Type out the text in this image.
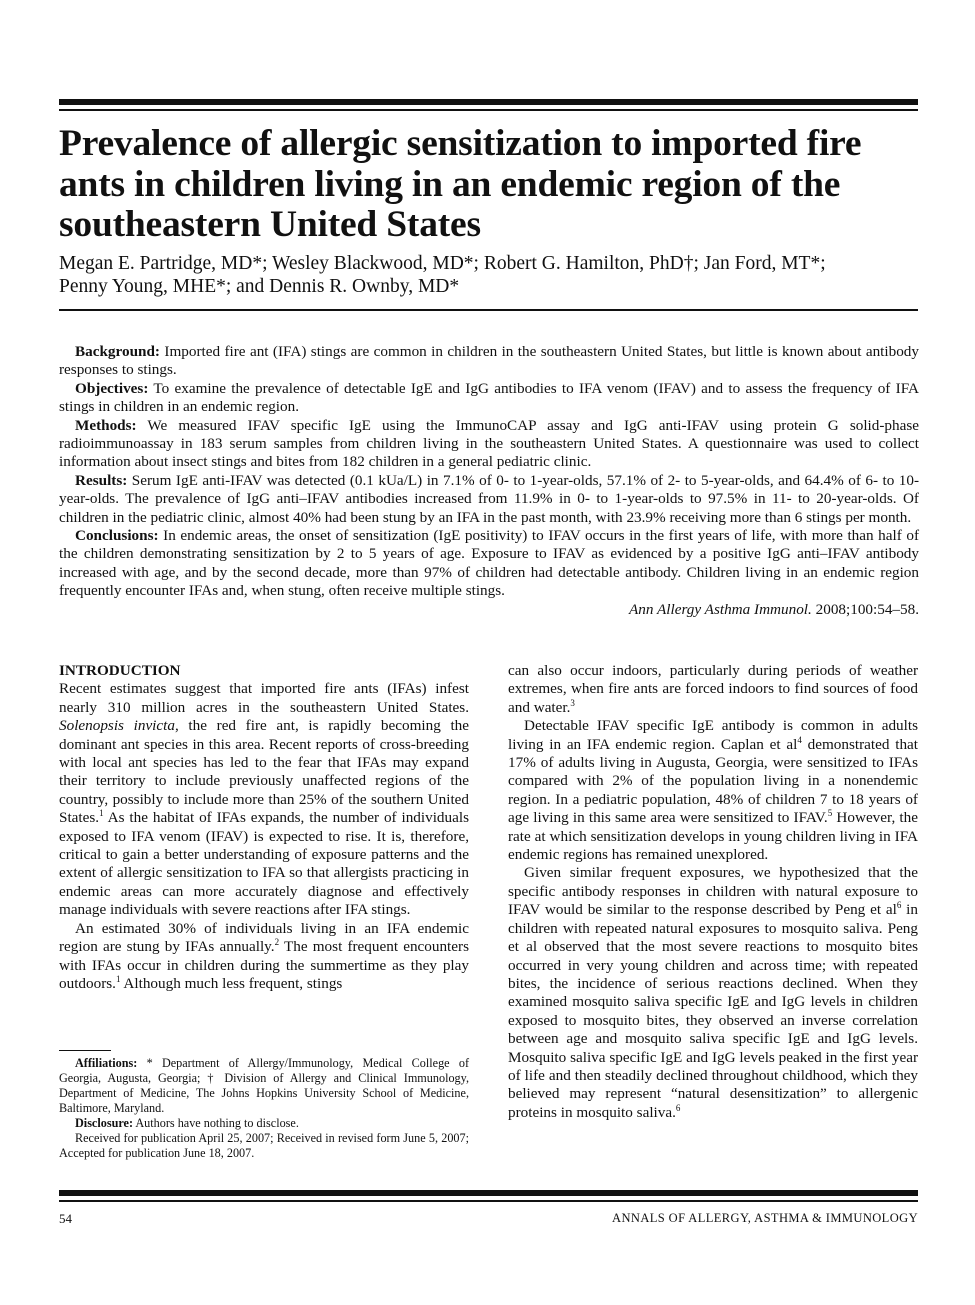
Prevalence of allergic sensitization to imported fire ants in children living in an endemic region of the southeastern United States
Megan E. Partridge, MD*; Wesley Blackwood, MD*; Robert G. Hamilton, PhD†; Jan Ford, MT*;
Penny Young, MHE*; and Dennis R. Ownby, MD*

Background: Imported fire ant (IFA) stings are common in children in the southeastern United States, but little is known about antibody responses to stings.

Objectives: To examine the prevalence of detectable IgE and IgG antibodies to IFA venom (IFAV) and to assess the frequency of IFA stings in children in an endemic region.

Methods: We measured IFAV specific IgE using the ImmunoCAP assay and IgG anti-IFAV using protein G solid-phase radioimmunoassay in 183 serum samples from children living in the southeastern United States. A questionnaire was used to collect information about insect stings and bites from 182 children in a general pediatric clinic.

Results: Serum IgE anti-IFAV was detected (0.1 kUa/L) in 7.1% of 0- to 1-year-olds, 57.1% of 2- to 5-year-olds, and 64.4% of 6- to 10-year-olds. The prevalence of IgG anti–IFAV antibodies increased from 11.9% in 0- to 1-year-olds to 97.5% in 11- to 20-year-olds. Of children in the pediatric clinic, almost 40% had been stung by an IFA in the past month, with 23.9% receiving more than 6 stings per month.

Conclusions: In endemic areas, the onset of sensitization (IgE positivity) to IFAV occurs in the first years of life, with more than half of the children demonstrating sensitization by 2 to 5 years of age. Exposure to IFAV as evidenced by a positive IgG anti–IFAV antibody increased with age, and by the second decade, more than 97% of children had detectable antibody. Children living in an endemic region frequently encounter IFAs and, when stung, often receive multiple stings.

Ann Allergy Asthma Immunol. 2008;100:54–58.
INTRODUCTION

Recent estimates suggest that imported fire ants (IFAs) infest nearly 310 million acres in the southeastern United States. Solenopsis invicta, the red fire ant, is rapidly becoming the dominant ant species in this area. Recent reports of cross-breeding with local ant species has led to the fear that IFAs may expand their territory to include previously unaffected regions of the country, possibly to include more than 25% of the southern United States.$^1$ As the habitat of IFAs expands, the number of individuals exposed to IFA venom (IFAV) is expected to rise. It is, therefore, critical to gain a better understanding of exposure patterns and the extent of allergic sensitization to IFA so that allergists practicing in endemic areas can more accurately diagnose and effectively manage individuals with severe reactions after IFA stings.

An estimated 30% of individuals living in an IFA endemic region are stung by IFAs annually.$^2$ The most frequent encounters with IFAs occur in children during the summertime as they play outdoors.$^1$ Although much less frequent, stings

can also occur indoors, particularly during periods of weather extremes, when fire ants are forced indoors to find sources of food and water.$^3$

Detectable IFAV specific IgE antibody is common in adults living in an IFA endemic region. Caplan et $al^4$ demonstrated that 17% of adults living in Augusta, Georgia, were sensitized to IFAs compared with 2% of the population living in a nonendemic region. In a pediatric population, 48% of children 7 to 18 years of age living in this same area were sensitized to IFAV.$^5$ However, the rate at which sensitization develops in young children living in IFA endemic regions has remained unexplored.

Given similar frequent exposures, we hypothesized that the specific antibody responses in children with natural exposure to IFAV would be similar to the response described by Peng et $al^6$ in children with repeated natural exposures to mosquito saliva. Peng et al observed that the most severe reactions to mosquito bites occurred in very young children and across time; with repeated bites, the incidence of serious reactions declined. When they examined mosquito saliva specific IgE and IgG levels in children exposed to mosquito bites, they observed an inverse correlation between age and mosquito saliva specific IgE and IgG levels. Mosquito saliva specific IgE and IgG levels peaked in the first year of life and then steadily declined throughout childhood, which they believed may represent “natural desensitization” to allergenic proteins in mosquito saliva.$^6$

Affiliations: * Department of Allergy/Immunology, Medical College of Georgia, Augusta, Georgia; † Division of Allergy and Clinical Immunology, Department of Medicine, The Johns Hopkins University School of Medicine, Baltimore, Maryland.

Disclosure: Authors have nothing to disclose.

Received for publication April 25, 2007; Received in revised form June 5, 2007; Accepted for publication June 18, 2007.

54	ANNALS OF ALLERGY, ASTHMA & IMMUNOLOGY
